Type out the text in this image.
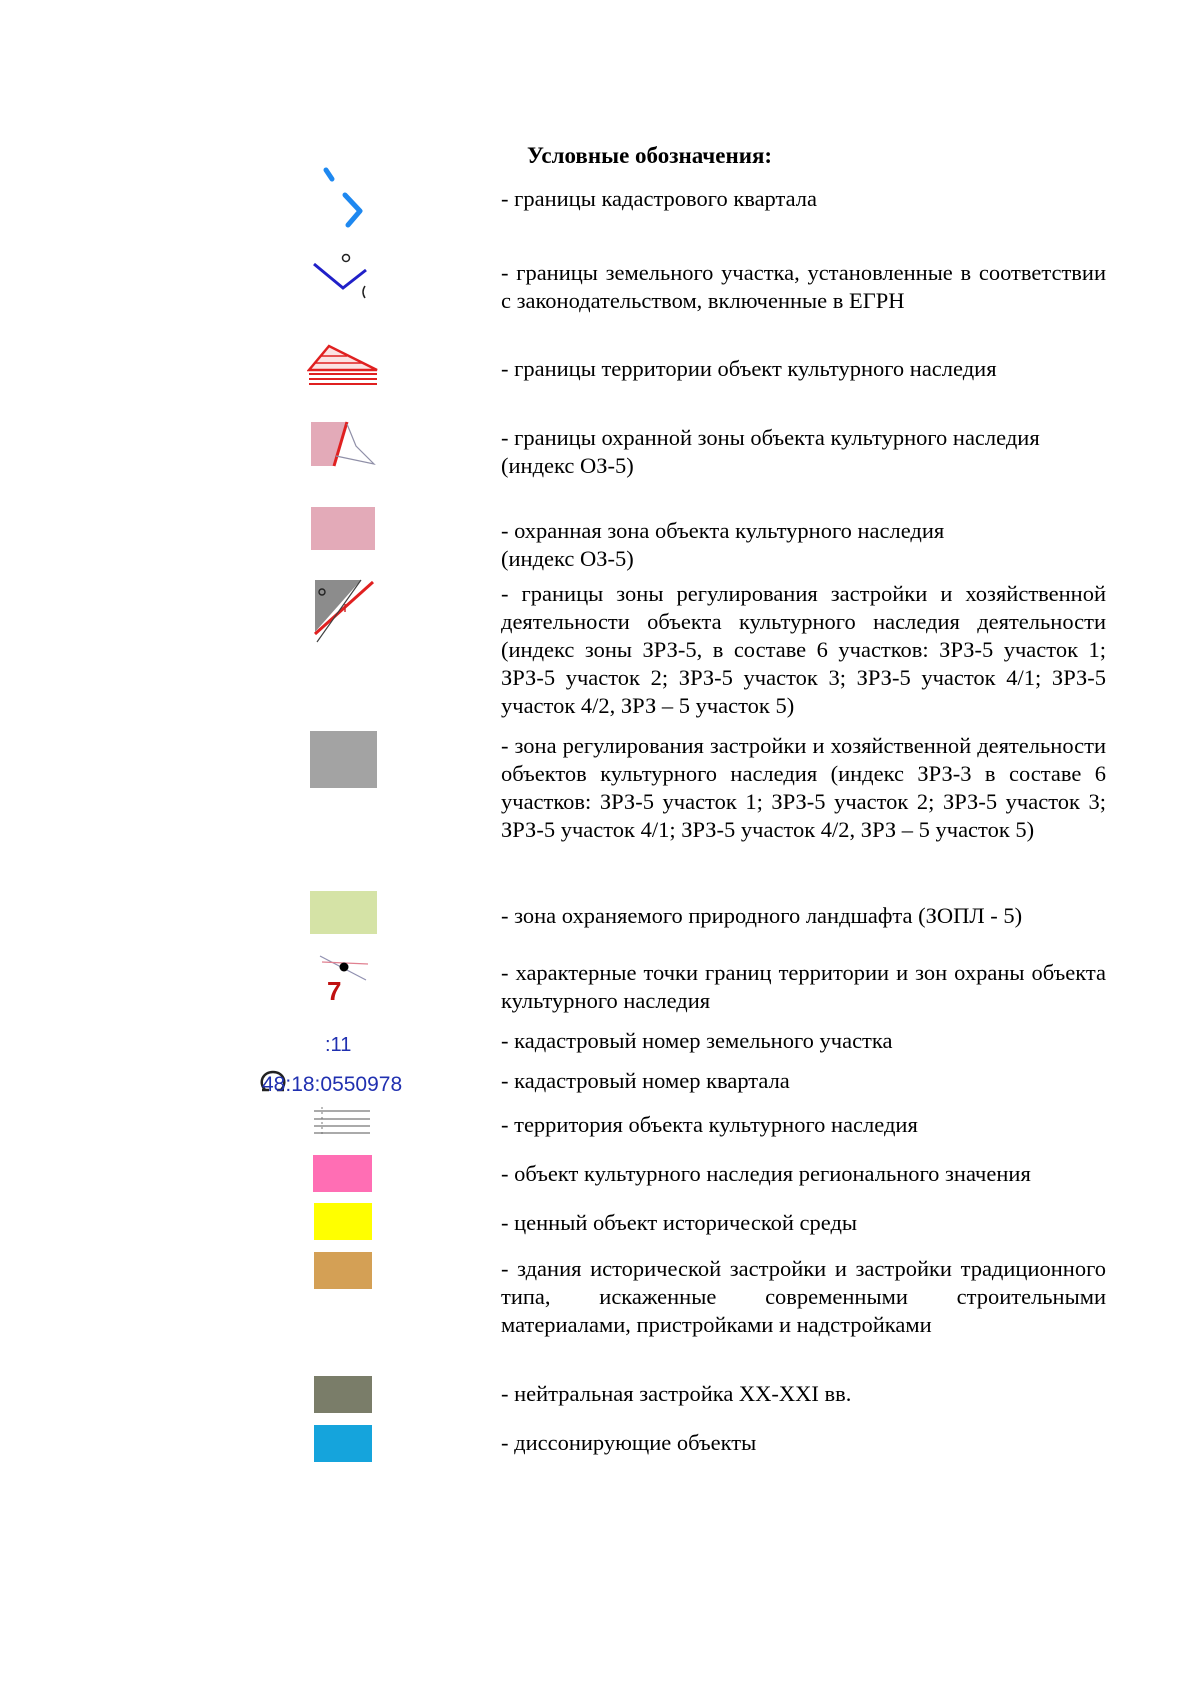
Условные обозначения:
- границы кадастрового квартала
- границы земельного участка, установленные в соответствии с законодательством, включенные в ЕГРН
- границы территории объект культурного наследия
- границы охранной зоны объекта культурного наследия (индекс ОЗ-5)
- охранная зона объекта культурного наследия
(индекс ОЗ-5)
- границы зоны регулирования застройки и хозяйственной деятельности объекта культурного наследия деятельности (индекс зоны ЗРЗ-5, в составе 6 участков: ЗРЗ-5 участок 1; ЗРЗ-5 участок 2; ЗРЗ-5 участок 3; ЗРЗ-5 участок 4/1; ЗРЗ-5 участок 4/2, ЗРЗ – 5 участок 5)
- зона регулирования застройки и хозяйственной деятельности объектов культурного наследия (индекс ЗРЗ-3 в составе 6 участков: ЗРЗ-5 участок 1; ЗРЗ-5 участок 2; ЗРЗ-5 участок 3; ЗРЗ-5 участок 4/1; ЗРЗ-5 участок 4/2, ЗРЗ – 5 участок 5)
- зона охраняемого природного ландшафта (ЗОПЛ - 5)
7
- характерные точки границ территории и зон охраны объекта культурного наследия
:11	- кадастровый номер земельного участка
48:18:0550978	- кадастровый номер квартала
- территория объекта культурного наследия
- объект культурного наследия регионального значения
- ценный объект исторической среды
- здания исторической застройки и застройки традиционного типа, искаженные современными строительными материалами, пристройками и надстройками
- нейтральная застройка XX-XXI вв.
- диссонирующие объекты
